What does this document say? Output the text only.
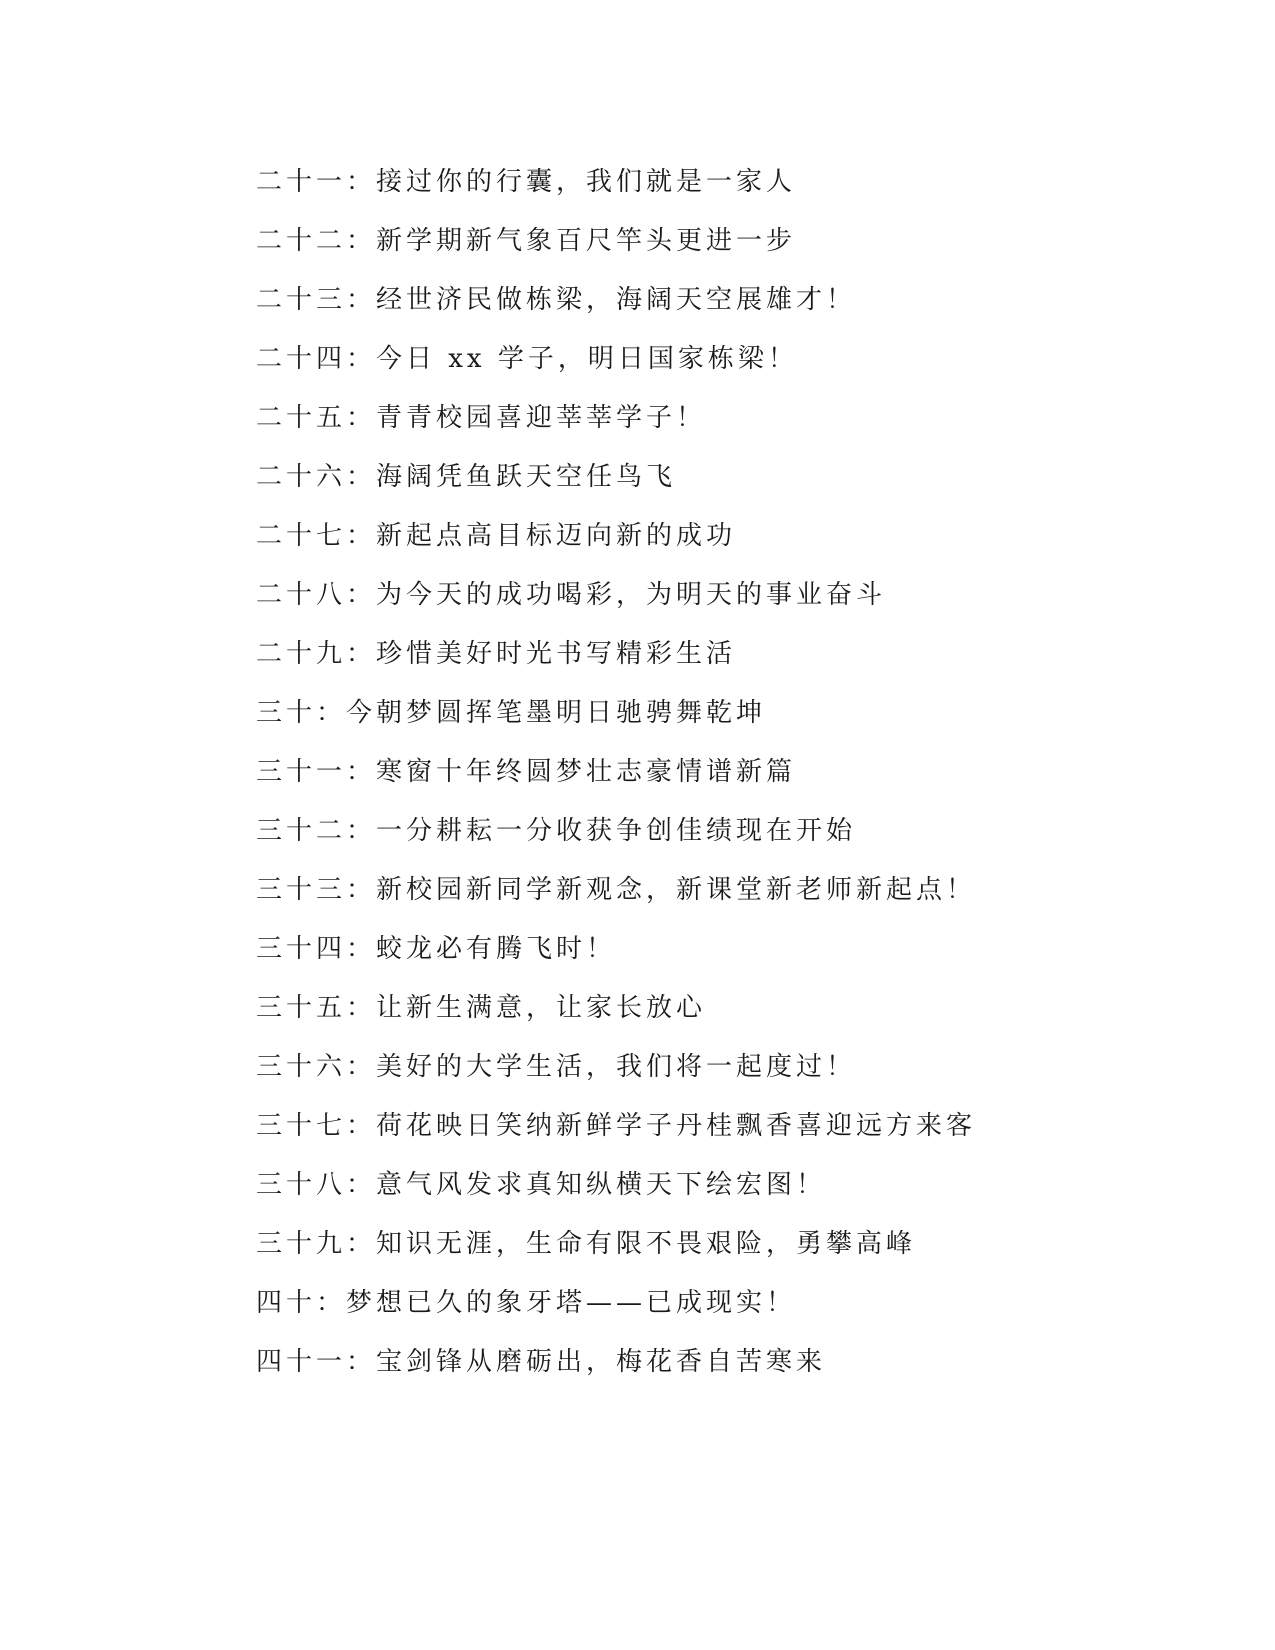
二十一：接过你的行囊，我们就是一家人
二十二：新学期新气象百尺竿头更进一步
二十三：经世济民做栋梁，海阔天空展雄才！
二十四：今日 xx 学子，明日国家栋梁！
二十五：青青校园喜迎莘莘学子！
二十六：海阔凭鱼跃天空任鸟飞
二十七：新起点高目标迈向新的成功
二十八：为今天的成功喝彩，为明天的事业奋斗
二十九：珍惜美好时光书写精彩生活
三十：今朝梦圆挥笔墨明日驰骋舞乾坤
三十一：寒窗十年终圆梦壮志豪情谱新篇
三十二：一分耕耘一分收获争创佳绩现在开始
三十三：新校园新同学新观念，新课堂新老师新起点！
三十四：蛟龙必有腾飞时！
三十五：让新生满意，让家长放心
三十六：美好的大学生活，我们将一起度过！
三十七：荷花映日笑纳新鲜学子丹桂飘香喜迎远方来客
三十八：意气风发求真知纵横天下绘宏图！
三十九：知识无涯，生命有限不畏艰险，勇攀高峰
四十：梦想已久的象牙塔——已成现实！
四十一：宝剑锋从磨砺出，梅花香自苦寒来
